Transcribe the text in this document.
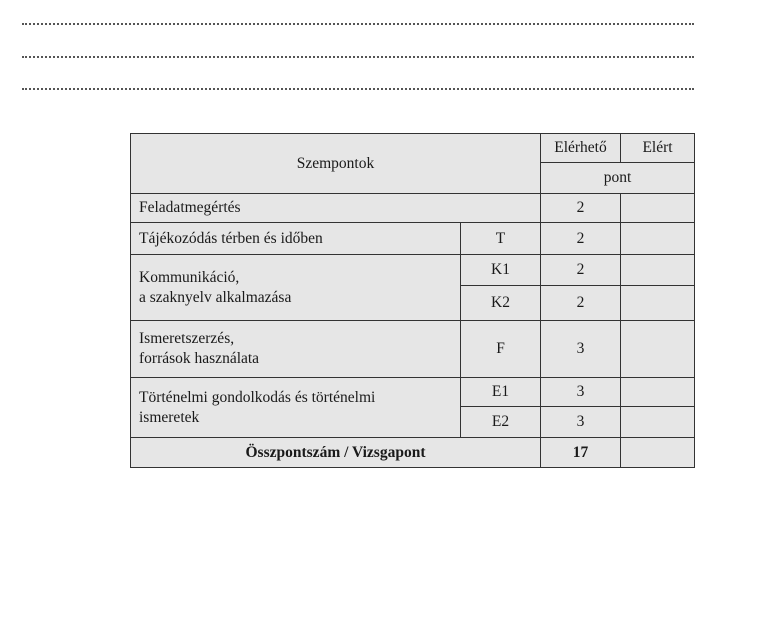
Szempontok		Elérhető	Elért
		pont	
Feladatmegértés		2	
Tájékozódás térben és időben	T	2	

Kommunikáció,
a szaknyelv alkalmazása	K1	2	
	K2	2	

Ismeretszerzés,
források használata	F	3	

Történelmi gondolkodás és történelmi
ismeretek	E1	3	
	E2	3	
Összpontszám / Vizsgapont		17	
